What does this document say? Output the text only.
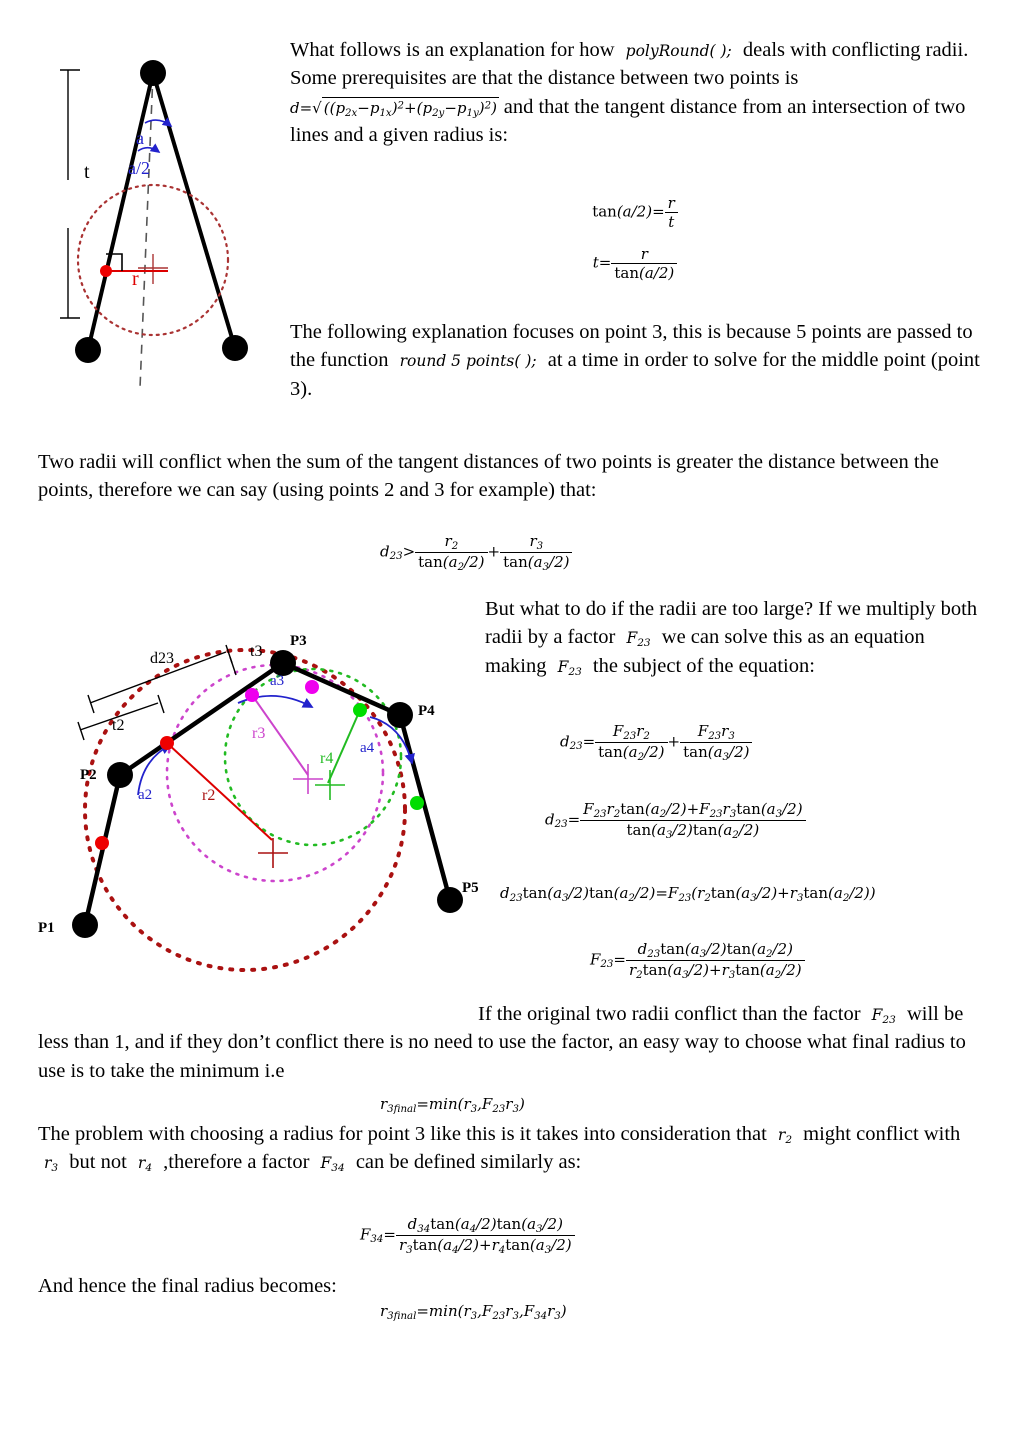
t
a
a/2
r
What follows is an explanation for how polyRound( ); deals with conflicting radii. Some prerequisites are that the distance between two points is d=√ $((p_{2x}-p_{1x})^2+(p_{2y}-p_{1y})^2)$ and that the tangent distance from an intersection of two lines and a given radius is:
$\tan(a/2)= \frac{r}{t}$
$t= \frac{r}{\tan(a/2)}$
The following explanation focuses on point 3, this is because 5 points are passed to the function round 5 points( ); at a time in order to solve for the middle point (point 3).
Two radii will conflict when the sum of the tangent distances of two points is greater the distance between the points, therefore we can say (using points 2 and 3 for example) that:
$d_{23}> \frac{r_2}{\tan(a_2/2)} + \frac{r_3}{\tan(a_3/2)}$
P1
P2
P3
P4
P5
d23	t3
t2
a2
a3
a4
r2
r3
r4
But what to do if the radii are too large? If we multiply both radii by a factor $F_{23}$ we can solve this as an equation making $F_{23}$ the subject of the equation:
$d_{23}= \frac{F_{23}r_2}{\tan(a_2/2)} + \frac{F_{23}r_3}{\tan(a_3/2)}$
$d_{23}= \frac{F_{23}r_2\tan(a_2/2)+F_{23}r_3\tan(a_3/2)}{\tan(a_3/2)\tan(a_2/2)}$
$d_{23}\tan(a_3/2)\tan(a_2/2)=F_{23}(r_2\tan(a_3/2)+r_3\tan(a_2/2))$
$F_{23}= \frac{d_{23}\tan(a_3/2)\tan(a_2/2)}{r_2\tan(a_3/2)+r_3\tan(a_2/2)}$
If the original two radii conflict than the factor $F_{23}$ will be less than 1, and if they don’t conflict there is no need to use the factor, an easy way to choose what final radius to use is to take the minimum i.e
$r_{3final}=\min(r_3,F_{23}r_3)$
The problem with choosing a radius for point 3 like this is it takes into consideration that $r_2$ might conflict with $r_3$ but not $r_4$ ,therefore a factor $F_{34}$ can be defined similarly as:
$F_{34}= \frac{d_{34}\tan(a_4/2)\tan(a_3/2)}{r_3\tan(a_4/2)+r_4\tan(a_3/2)}$
And hence the final radius becomes:
$r_{3final}=\min(r_3,F_{23}r_3,F_{34}r_3)$
